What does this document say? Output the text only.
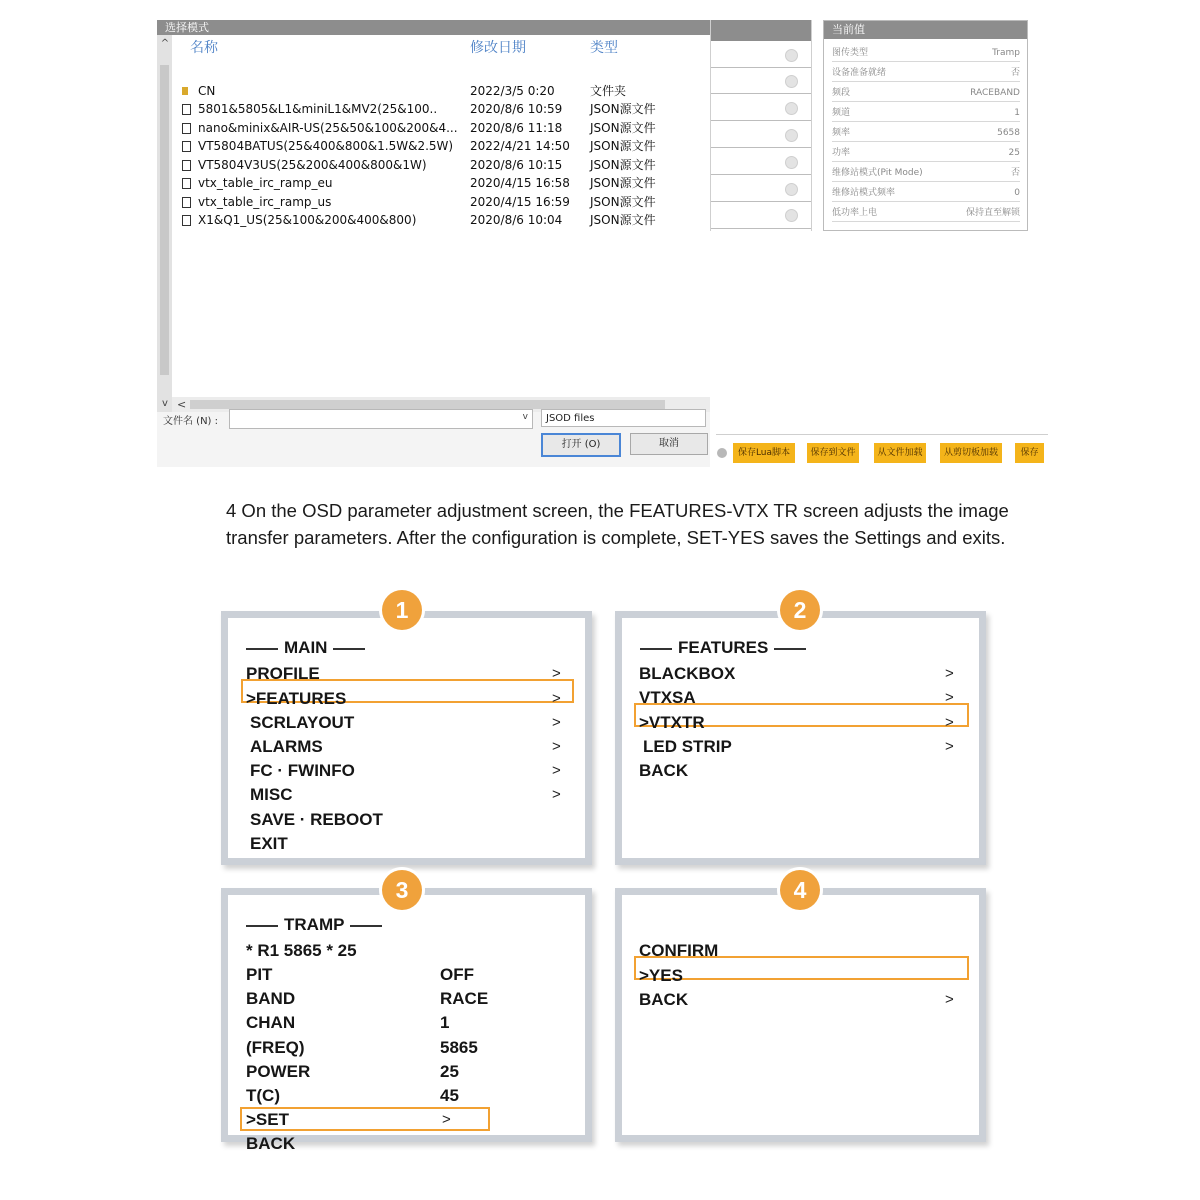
选择模式
^
v
名称	修改日期	类型
CN	2022/3/5 0:20	文件夹
5801&5805&L1&miniL1&MV2(25&100..	2020/8/6 10:59 JSON源文件
nano&minix&AIR-US(25&50&100&200&4...	2020/8/6 11:18 JSON源文件
VT5804BATUS(25&400&800&1.5W&2.5W)	2022/4/21 14:50 JSON源文件
VT5804V3US(25&200&400&800&1W)	2020/8/6 10:15 JSON源文件
vtx_table_irc_ramp_eu	2020/4/15 16:58 JSON源文件
vtx_table_irc_ramp_us	2020/4/15 16:59 JSON源文件
X1&Q1_US(25&100&200&400&800)	2020/8/6 10:04 JSON源文件
<
文件名 (N) :	v	JSOD files
打开 (O)	取消
当前值
图传类型	Tramp
设备准备就绪	否
频段	RACEBAND
频道	1
频率	5658
功率	25
维修站模式(Pit Mode)	否
维修站模式频率	0
低功率上电	保持直至解锁
保存Lua脚本	保存到文件	从文件加载	从剪切板加载	保存
4 On the OSD parameter adjustment screen, the FEATURES-VTX TR screen adjusts the image transfer parameters. After the configuration is complete, SET-YES saves the Settings and exits.
MAIN
PROFILE	>
>FEATURES	>
SCRLAYOUT	>
ALARMS	>
FC · FWINFO	>
MISC	>
SAVE · REBOOT
EXIT
1
FEATURES
BLACKBOX	>
VTXSA	>
>VTXTR	>
LED STRIP	>
BACK
2
TRAMP
* R1 5865 * 25
PIT	OFF
BAND	RACE
CHAN	1
(FREQ)	5865
POWER	25
T(C)	45
>SET	>
BACK
3
CONFIRM
>YES
BACK	>
4
